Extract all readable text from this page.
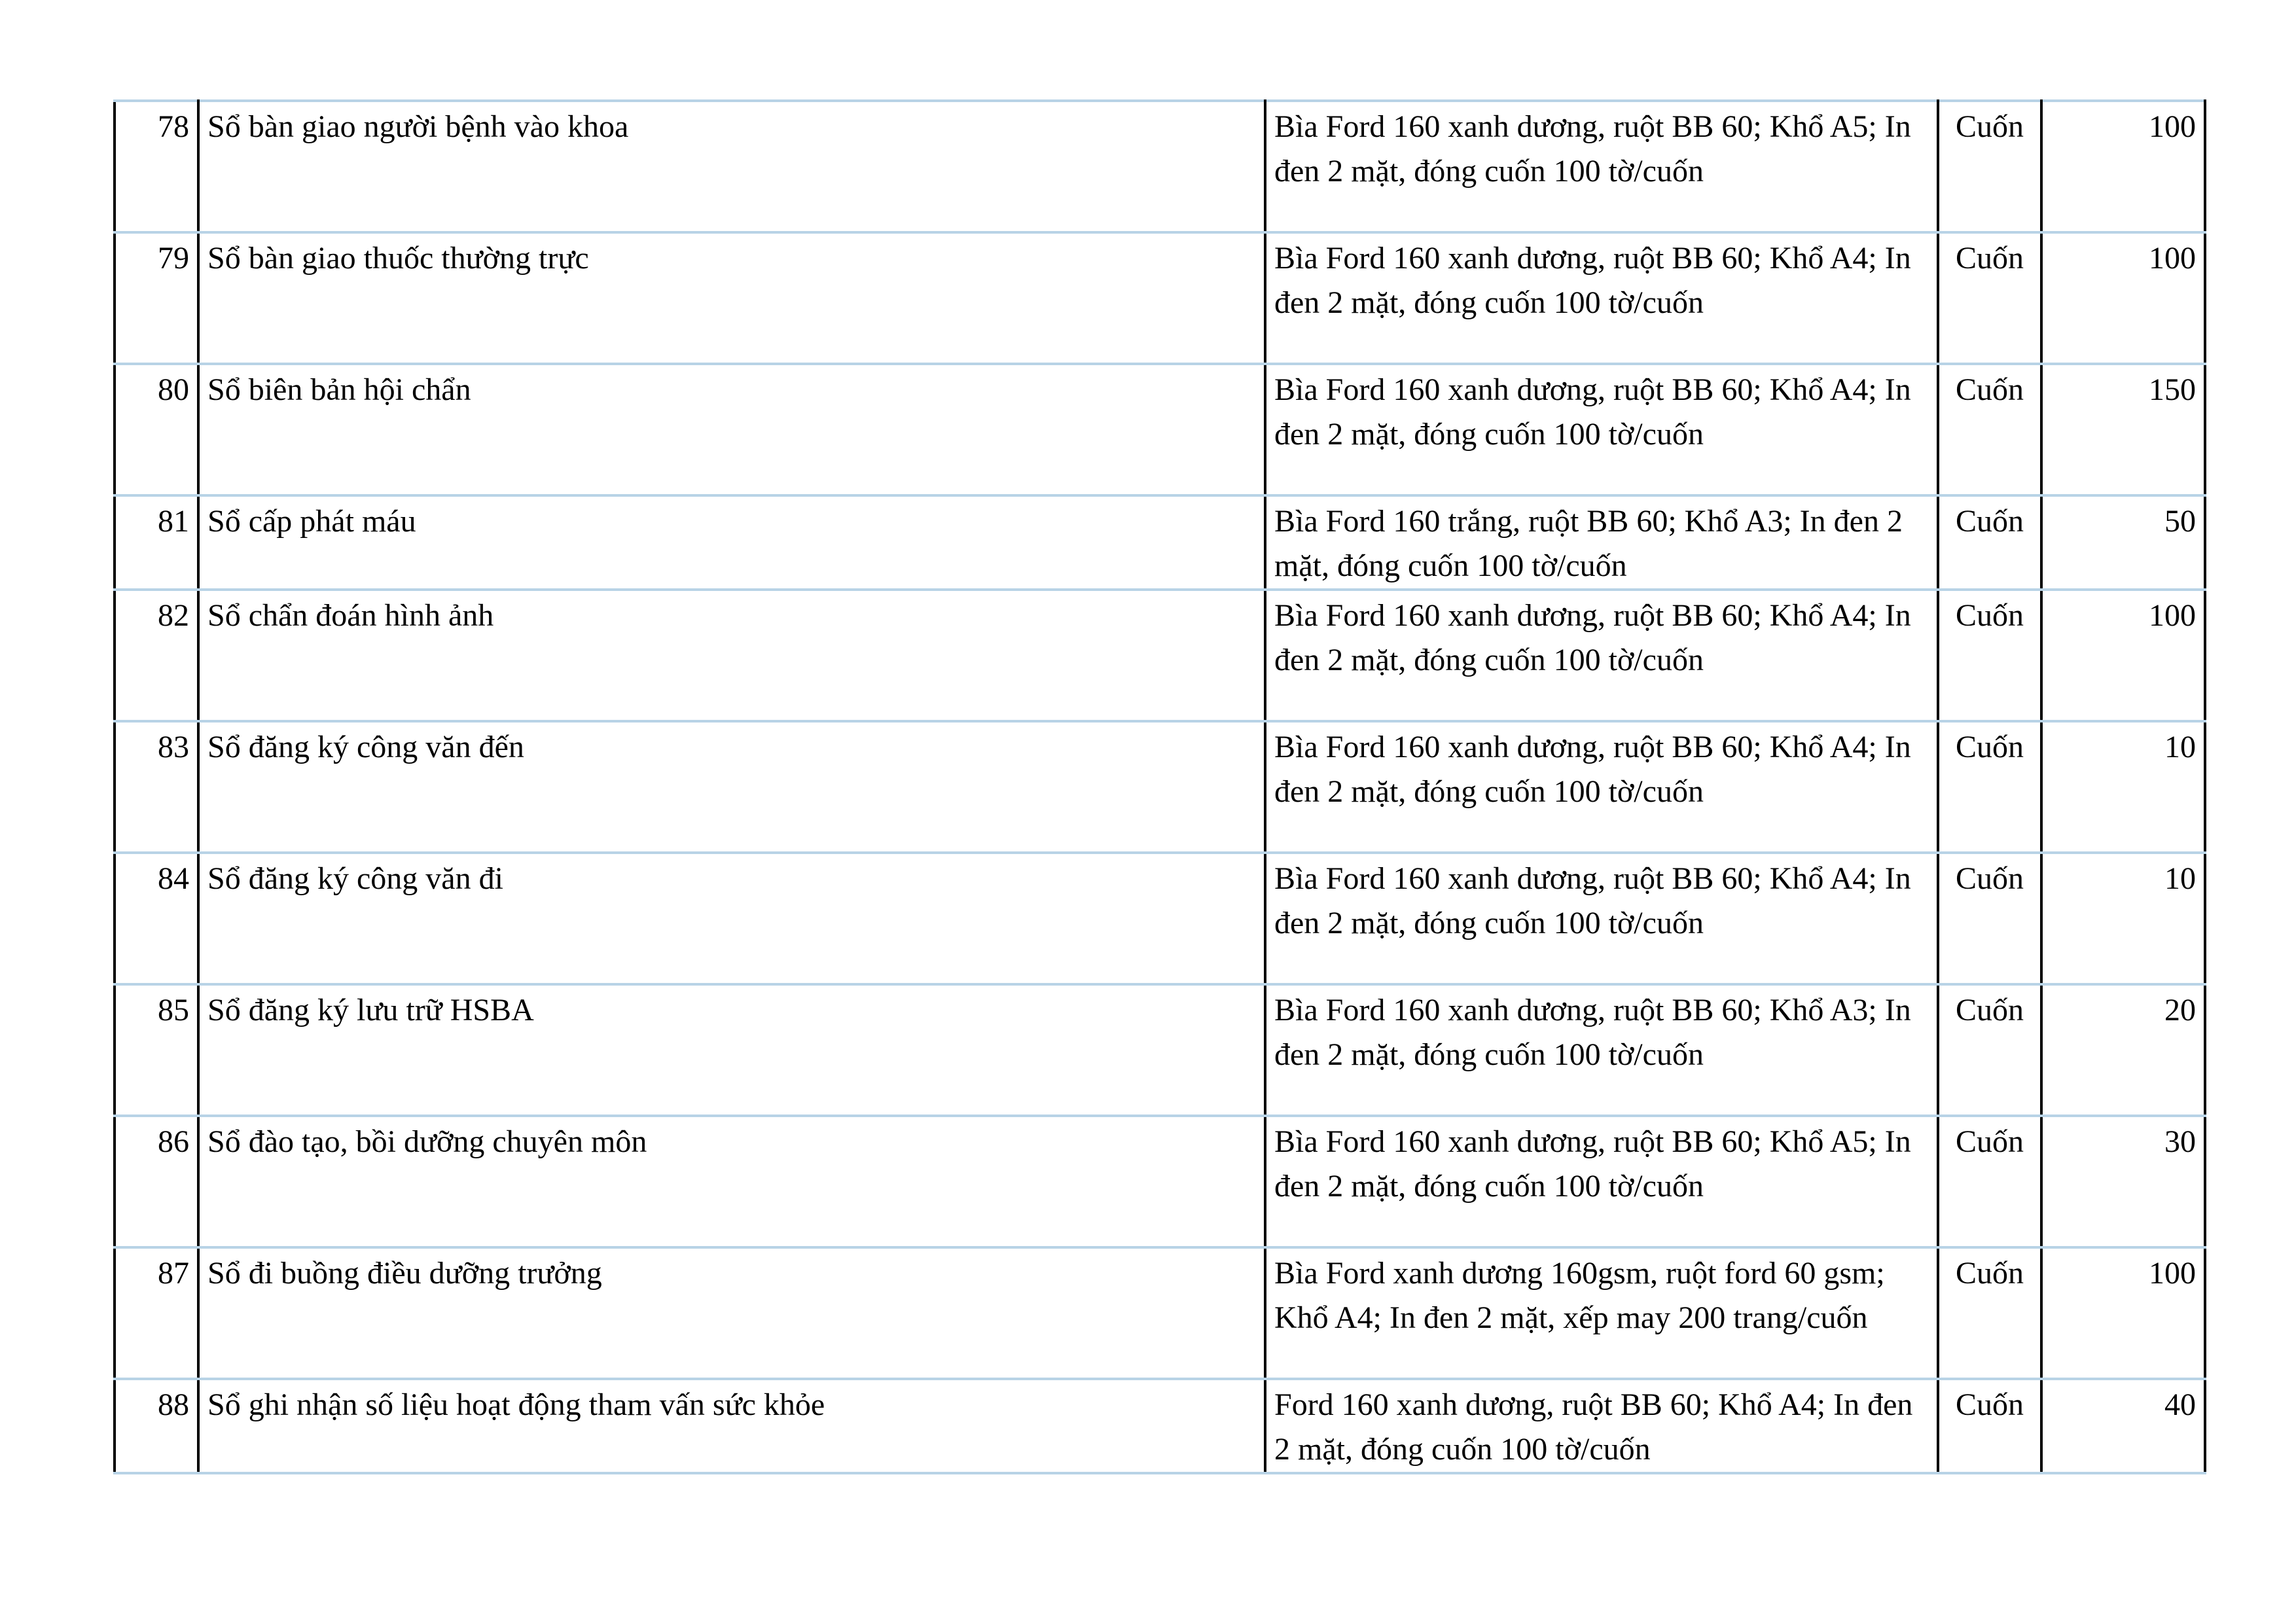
78	Sổ bàn giao người bệnh vào khoa	Bìa Ford 160 xanh dương, ruột BB 60; Khổ A5; In đen 2 mặt, đóng cuốn 100 tờ/cuốn	Cuốn	100
79	Sổ bàn giao thuốc thường trực	Bìa Ford 160 xanh dương, ruột BB 60; Khổ A4; In đen 2 mặt, đóng cuốn 100 tờ/cuốn	Cuốn	100
80	Sổ biên bản hội chẩn	Bìa Ford 160 xanh dương, ruột BB 60; Khổ A4; In đen 2 mặt, đóng cuốn 100 tờ/cuốn	Cuốn	150
81	Sổ cấp phát máu	Bìa Ford 160 trắng, ruột BB 60; Khổ A3; In đen 2 mặt, đóng cuốn 100 tờ/cuốn	Cuốn	50
82	Sổ chẩn đoán hình ảnh	Bìa Ford 160 xanh dương, ruột BB 60; Khổ A4; In đen 2 mặt, đóng cuốn 100 tờ/cuốn	Cuốn	100
83	Sổ đăng ký công văn đến	Bìa Ford 160 xanh dương, ruột BB 60; Khổ A4; In đen 2 mặt, đóng cuốn 100 tờ/cuốn	Cuốn	10
84	Sổ đăng ký công văn đi	Bìa Ford 160 xanh dương, ruột BB 60; Khổ A4; In đen 2 mặt, đóng cuốn 100 tờ/cuốn	Cuốn	10
85	Sổ đăng ký lưu trữ HSBA	Bìa Ford 160 xanh dương, ruột BB 60; Khổ A3; In đen 2 mặt, đóng cuốn 100 tờ/cuốn	Cuốn	20
86	Sổ đào tạo, bồi dưỡng chuyên môn	Bìa Ford 160 xanh dương, ruột BB 60; Khổ A5; In đen 2 mặt, đóng cuốn 100 tờ/cuốn	Cuốn	30
87	Sổ đi buồng điều dưỡng trưởng	Bìa Ford xanh dương 160gsm, ruột ford 60 gsm; Khổ A4; In đen 2 mặt, xếp may 200 trang/cuốn	Cuốn	100
88	Sổ ghi nhận số liệu hoạt động tham vấn sức khỏe	Ford 160 xanh dương, ruột BB 60; Khổ A4; In đen 2 mặt, đóng cuốn 100 tờ/cuốn	Cuốn	40
